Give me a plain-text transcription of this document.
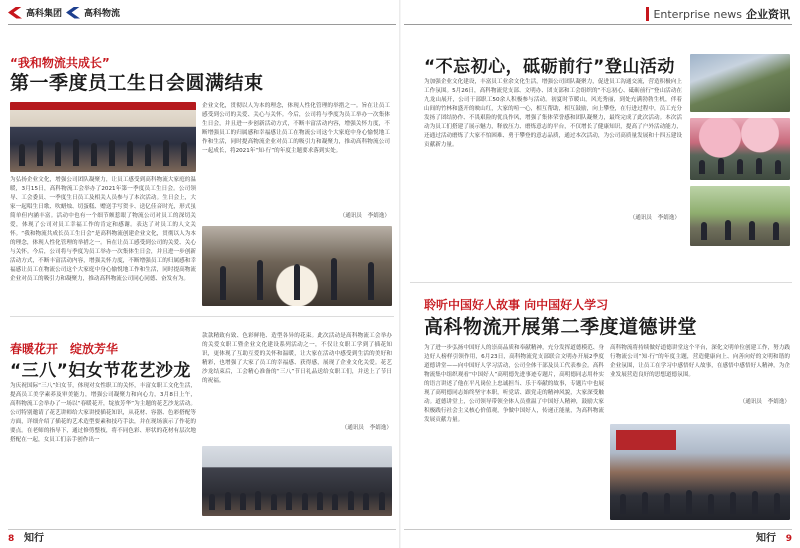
高科集团 高科物流	Enterprise news 企业资讯
“我和物流共成长”
第一季度员工生日会圆满结束
为弘扬企业文化，增强公司团队凝聚力，让员工感受到高科物流大家庭的温暖，3月15日，高科物流工会举办了2021年第一季度员工生日会。公司领导、工会委员、一季度生日员工及相关人员参与了本次活动。生日会上，大家一起唱生日歌、吹蜡烛、切蛋糕、赠送手写贺卡、送亿佳音时光，形式虽简单但内涵丰富。活动中也有一个细节颇惹眼了物流公司对员工的深切关爱，体现了公司对员工幸福工作的肯定和感谢。表达了对员工的人文关怀。“我和物流共成长员工生日会”是高科物流创建企业文化，贯彻以人为本的理念，体现人性化管理的举措之一。旨在让员工感受到公司的关爱、关心与关怀。今后，公司将与季度为员工举办一次集体生日会，并且进一步创新活动方式，不断丰富活动内容，增强关怀力度，不断增强员工的归属感和幸福感让员工在物流公司这个大家庭中身心愉悦地工作和生活，同时提高物流企业对员工的吸引力和凝聚力，推动高科物流公司同心同德、奋发有为。
企业文化，贯彻以人为本的理念，体现人性化管理的举措之一。旨在让员工感受到公司的关爱、关心与关怀。今后，公司将与季度为员工举办一次集体生日会，并且进一步创新活动方式，不断丰富活动内容，增强关怀力度，不断增强员工的归属感和幸福感让员工在物流公司这个大家庭中身心愉悦地工作和生活，同时提高物流企业对员工的吸引力和凝聚力，推动高科物流公司一起成长，将2021年“知·行”的年度主题要求落到实处。
（通讯员　李婧逸）
春暖花开　绽放芳华
“三八”妇女节花艺沙龙
为庆祝国际“三八”妇女节，体现对女性职工的关怀，丰富女职工文化生活，提高员工美学素养及审美能力，增强公司凝聚力和向心力，3月8日上午，高科物流工会举办了一场以“春暖花开，绽放芳华”为主题的花艺沙龙活动。公司特别邀请了花艺讲师给大家讲授插花知识，从花材、容器、色彩搭配等方面，详细介绍了插花的艺术造型要素和技巧手法，并在现场演示了作花的要点。在老师的指导下，通过修剪整枝，将不同色彩、形状的花材有层次地搭配在一起，女员工们亲手创作出一
款款精致有致、色彩鲜艳、造型各异的花束。此次活动是高科物流工会举办的关爱女职工暨企业文化建设系列活动之一，不仅让女职工学到了插花知识，更体现了互助互爱的关怀和温暖，让大家在活动中感受到生活的美好和精彩，也增强了大家了员工的幸福感、获得感，展现了企业文化关爱。花艺沙龙结束后，工会精心准备的“三八”节日礼品送给女职工们，并送上了节日的祝福。
（通讯员　李婧逸）
“不忘初心，砥砺前行”登山活动
为加强企业文化建设，丰富员工业余文化生活，增强公司团队凝聚力，促进员工沟通交流，营造积极向上工作氛围。5月26日，高科物流党支部、文明办、团支部和工会组织的“不忘初心、砥砺前行”登山活动在九龙山展开，公司干部职工50余人积极参与活动。初夏时节暖山，风光秀丽，到处充满勃勃生机，伴着山间的竹林和盛开的映山红，大家的喧一心，相互帮助，相互鼓励，向上攀登，在行进过程中，员工充分发扬了团结协作、不畏艰险的优良作风，增强了集体荣誉感和团队凝聚力，最终完成了此次活动。本次活动为员工们搭建了展示魅力，释放压力、磨炼意志的平台，不仅增长了健康知识，提高了户外活动能力，还通过活动磨炼了大家不怕困难、勇于攀登的意志品质，通过本次活动，为公司高质量发展和十四五建设贡献新力量。
（通讯员　李婧逸）
聆听中国好人故事 向中国好人学习
高科物流开展第二季度道德讲堂
为了进一步弘扬中国好人的崇高品质和奉献精神，充分发挥道德模范、身边好人榜样引领作用，6月23日，高科物流党支部联合文明办开展2季度道德讲堂——向中国好人学习活动，公司全体干部及员工代表参会。高科物流集中组织观看“中国好人”高明德先进事迹专题片，高明德同志用朴实的语言讲述了他在平凡岗位上忠诚担当、乐于奉献的故事，专题片中也展现了高明德同志始终坚守本职，听党话、跟党走的精神风貌，大家深受触动。道德讲堂上，公司领导带领全体人员重温了中国好人精神，鼓励大家积极践行社会主义核心价值观，争做中国好人，传递正能量，为高科物流发展贡献力量。
高科物流将持续做好道德讲堂这个平台，深化文明单位创建工作，努力践行物流公司“知·行”的年度主题，营造健康向上、向善向好的文明和谐的企业氛围，让员工在学习中感悟好人故事，在感悟中感悟好人精神，为企业发展营造良好的思想道德氛围。
（通讯员　李婧逸）
8 知行	知行 9
